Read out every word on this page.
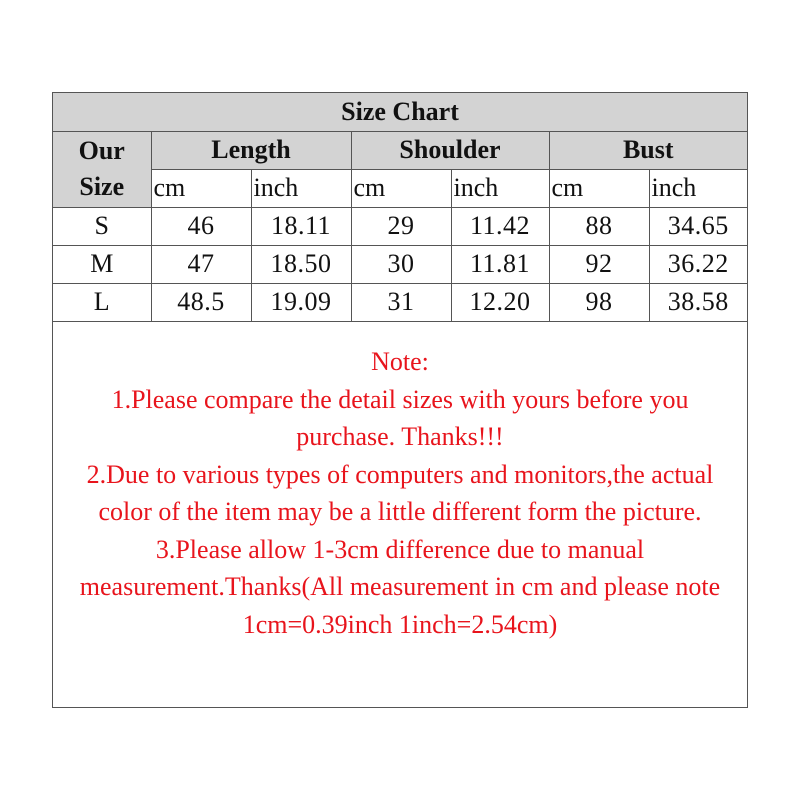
Size Chart						

Our
Size	Length		Shoulder		Bust	
	cm	inch	cm	inch	cm	inch
S	46	18.11	29	11.42	88	34.65
M	47	18.50	30	11.81	92	36.22
L	48.5	19.09	31	12.20	98	38.58
Note:
1.Please compare the detail sizes with yours before you purchase. Thanks!!!
2.Due to various types of computers and monitors,the actual color of the item may be a little different form the picture.
3.Please allow 1-3cm difference due to manual measurement.Thanks(All measurement in cm and please note 1cm=0.39inch 1inch=2.54cm)
